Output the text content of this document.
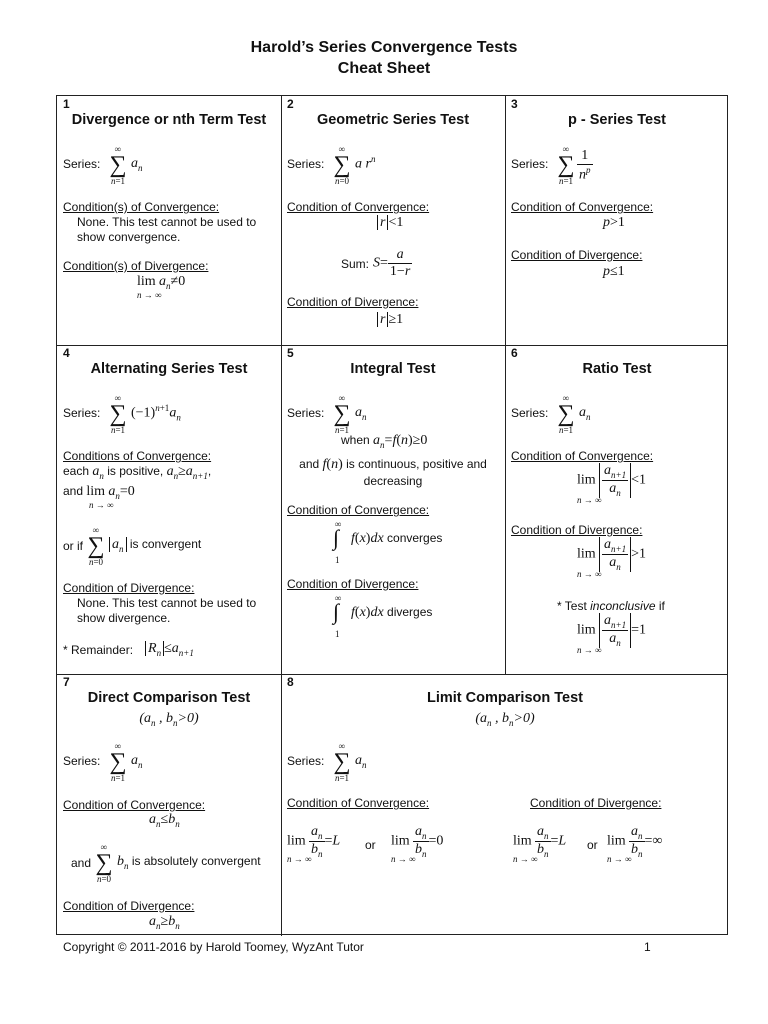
Harold’s Series Convergence Tests
Cheat Sheet
1
Divergence or nth Term Test
Series:
∞
∑
n=1
$a_n$
Condition(s) of Convergence:
None. This test cannot be used to show convergence.
Condition(s) of Divergence:
$\lim a_n\ne 0$
n → ∞
2
Geometric Series Test
Series:
∞
∑
n=0
a $r^n$
Condition of Convergence:
r <1
Sum: $S= \frac{a}{1-r}$
Condition of Divergence:
r ≥1
3
p - Series Test
Series:
∞
∑
$n=1 \frac{1}{n^p}$
Condition of Convergence:
p>1
Condition of Divergence:
p≤1
4
Alternating Series Test
Series:
∞
∑
n=1
$(-1)^{n+1}a_n$
Conditions of Convergence:
each $a_n$ is positive, $a_n\ge a_{n+1}$,
and $\lim a_n=0$
n → ∞
or if
∞
∑
n=0
$a_n$ is convergent
Condition of Divergence:
None. This test cannot be used to show divergence.
* Remainder: $R_n \le a_{n+1}$
5
Integral Test
Series:
∞
∑
n=1
$a_n$
when $a_n=f(n)\ge 0$
and f(n) is continuous, positive and decreasing
Condition of Convergence:
∞
∫
1
f(x)dx converges
Condition of Divergence:
∞
∫
1
f(x)dx diverges
6
Ratio Test
Series:
∞
∑
n=1
$a_n$
Condition of Convergence:
$\lim \frac{a_{n+1}}{a_n} <1$
n → ∞
Condition of Divergence:
$\lim \frac{a_{n+1}}{a_n} >1$
n → ∞
* Test inconclusive if
$\lim \frac{a_{n+1}}{a_n} =1$
n → ∞
7
Direct Comparison Test
($a_n$ , $b_n>0$)
Series:
∞
∑
n=1
$a_n$
Condition of Convergence:
$a_n\le b_n$
and
∞
∑
n=0
$b_n$ is absolutely convergent
Condition of Divergence:
$a_n\ge b_n$
8
Limit Comparison Test
($a_n$ , $b_n>0$)
Series:
∞
∑
n=1
$a_n$
Condition of Convergence:	Condition of Divergence:
$\lim \frac{a_n}{b_n} =L$
n → ∞
or $\lim \frac{a_n}{b_n} =0$
n → ∞
$\lim \frac{a_n}{b_n} =L$
n → ∞
or $\lim \frac{a_n}{b_n}$ =∞
n → ∞
Copyright © 2011-2016 by Harold Toomey, WyzAnt Tutor	1
